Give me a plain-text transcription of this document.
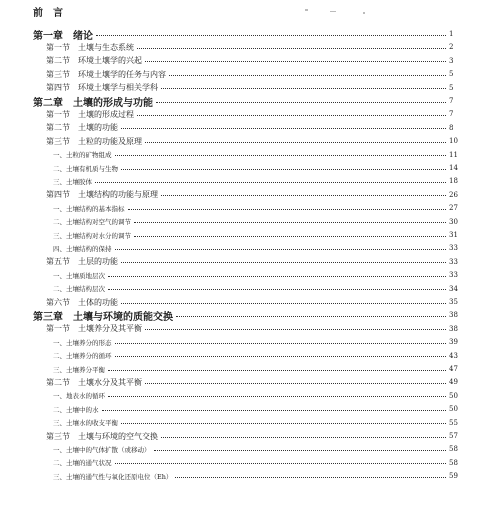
前　言
第一章　绪论	1
第一节　土壤与生态系统	2
第二节　环境土壤学的兴起	3
第三节　环境土壤学的任务与内容	5
第四节　环境土壤学与相关学科	5
第二章　土壤的形成与功能	7
第一节　土壤的形成过程	7
第二节　土壤的功能	8
第三节　土粒的功能及原理	10
一、土粒的矿物组成	11
二、土壤有机质与生物	14
三、土壤胶体	18
第四节　土壤结构的功能与原理	26
一、土壤结构的基本指标	27
二、土壤结构对空气的调节	30
三、土壤结构对水分的调节	31
四、土壤结构的保持	33
第五节　土层的功能	33
一、土壤质地层次	33
二、土壤结构层次	34
第六节　土体的功能	35
第三章　土壤与环境的质能交换	38
第一节　土壤养分及其平衡	38
一、土壤养分的形态	39
二、土壤养分的循环	43
三、土壤养分平衡	47
第二节　土壤水分及其平衡	49
一、地表水的循环	50
二、土壤中的水	50
三、土壤水的收支平衡	55
第三节　土壤与环境的空气交换	57
一、土壤中的气体扩散（或移动）	58
二、土壤的通气状况	58
三、土壤的通气性与氧化还原电位（Eh）	59
